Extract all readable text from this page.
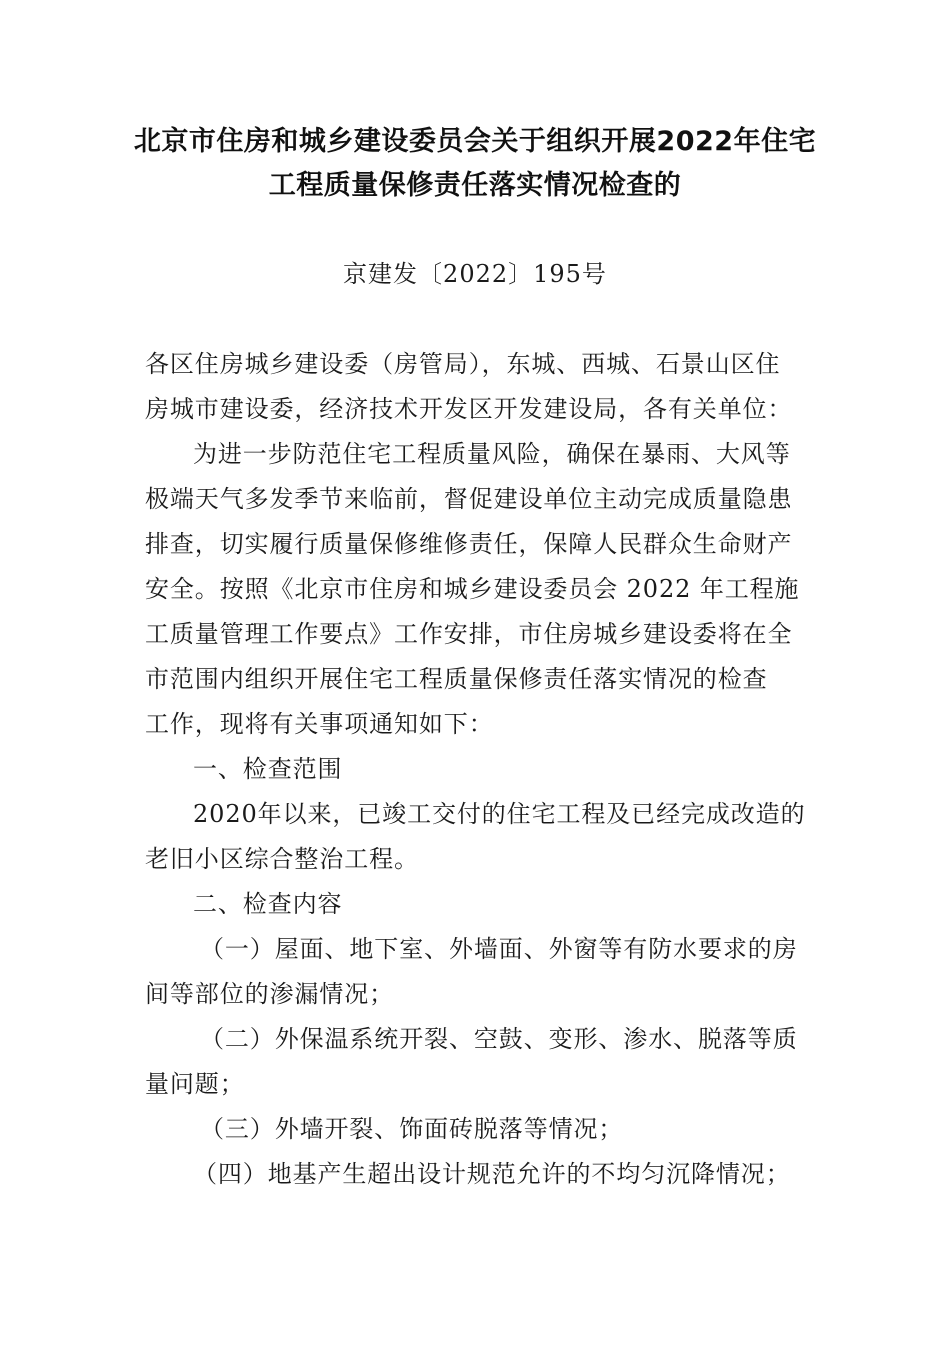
北京市住房和城乡建设委员会关于组织开展2022年住宅
工程质量保修责任落实情况检查的
京建发〔2022〕195号
各区住房城乡建设委（房管局），东城、西城、石景山区住
房城市建设委，经济技术开发区开发建设局，各有关单位：
为进一步防范住宅工程质量风险，确保在暴雨、大风等
极端天气多发季节来临前，督促建设单位主动完成质量隐患
排查，切实履行质量保修维修责任，保障人民群众生命财产
安全。按照《北京市住房和城乡建设委员会 2022 年工程施
工质量管理工作要点》工作安排，市住房城乡建设委将在全
市范围内组织开展住宅工程质量保修责任落实情况的检查
工作，现将有关事项通知如下：
一、检查范围
2020年以来，已竣工交付的住宅工程及已经完成改造的
老旧小区综合整治工程。
二、检查内容
（一）屋面、地下室、外墙面、外窗等有防水要求的房
间等部位的渗漏情况；
（二）外保温系统开裂、空鼓、变形、渗水、脱落等质
量问题；
（三）外墙开裂、饰面砖脱落等情况；
（四）地基产生超出设计规范允许的不均匀沉降情况；
